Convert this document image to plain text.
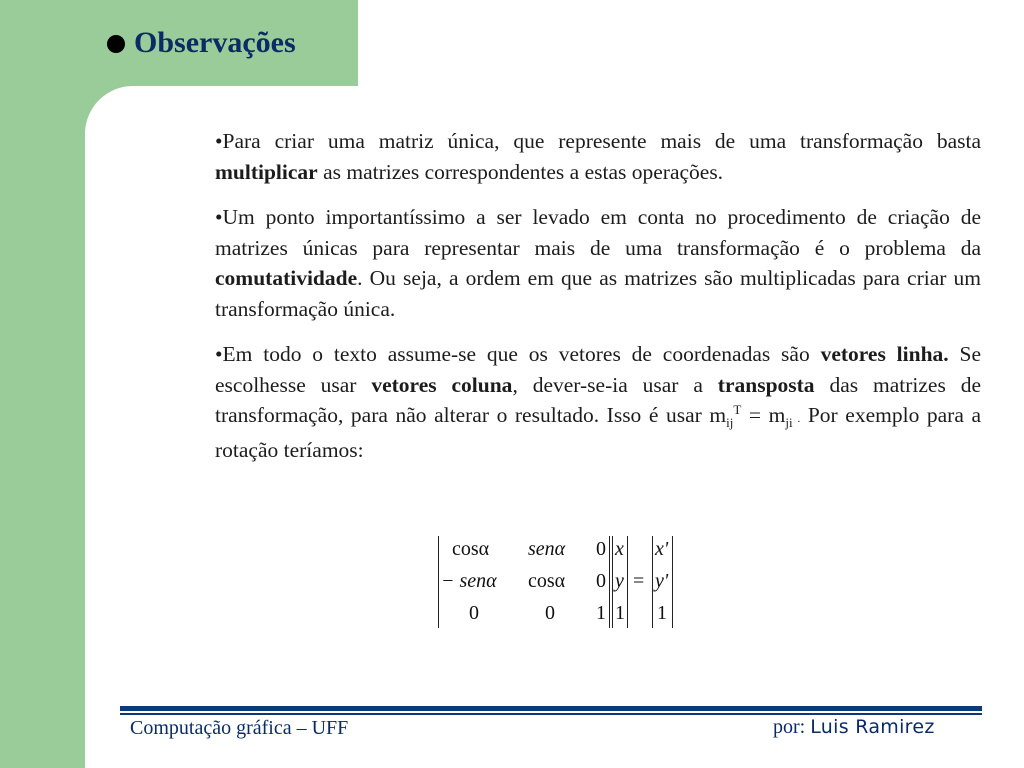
Observações

•Para criar uma matriz única, que represente mais de uma transformação basta multiplicar as matrizes correspondentes a estas operações.

•Um ponto importantíssimo a ser levado em conta no procedimento de criação de matrizes únicas para representar mais de uma transformação é o problema da comutatividade. Ou seja, a ordem em que as matrizes são multiplicadas para criar um transformação única.

•Em todo o texto assume-se que os vetores de coordenadas são vetores linha. Se escolhesse usar vetores coluna, dever-se-ia usar a transposta das matrizes de transformação, para não alterar o resultado. Isso é usar $m_{ij}^T = m_{ji}$ . Por exemplo para a rotação teríamos:

cosα senα 0
− senα cosα 0
0	0 1
x
y
1
=
x'
y'
1
Computação gráfica – UFF	por: Luis Ramirez
